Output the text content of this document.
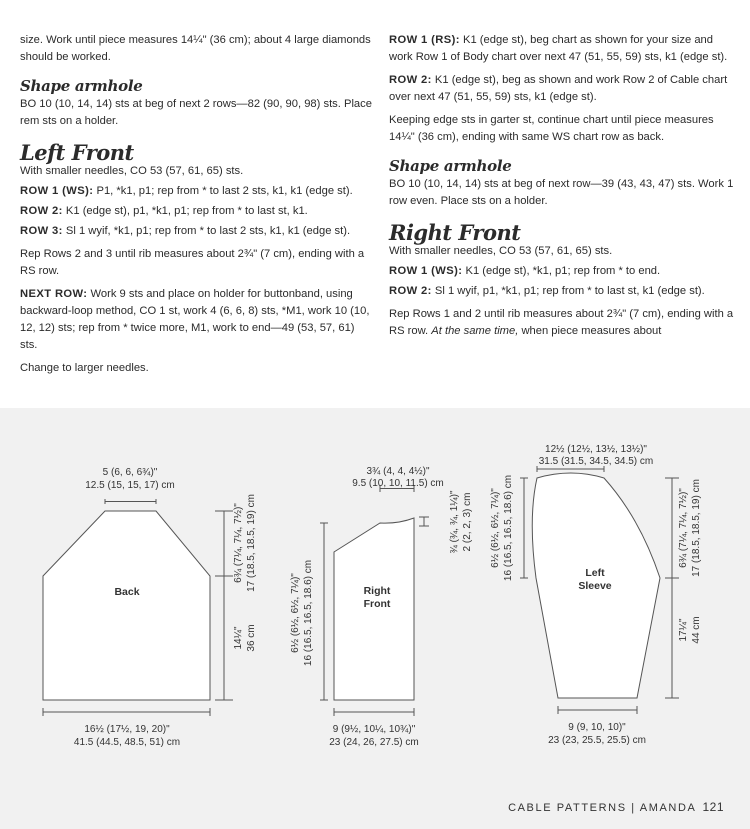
size. Work until piece measures 14¼" (36 cm); about 4 large diamonds should be worked.

Shape armhole

BO 10 (10, 14, 14) sts at beg of next 2 rows—82 (90, 90, 98) sts. Place rem sts on a holder.

Left Front

With smaller needles, CO 53 (57, 61, 65) sts.

ROW 1 (WS): P1, *k1, p1; rep from * to last 2 sts, k1, k1 (edge st).

ROW 2: K1 (edge st), p1, *k1, p1; rep from * to last st, k1.

ROW 3: Sl 1 wyif, *k1, p1; rep from * to last 2 sts, k1, k1 (edge st).

Rep Rows 2 and 3 until rib measures about 2¾" (7 cm), ending with a RS row.

NEXT ROW: Work 9 sts and place on holder for buttonband, using backward-loop method, CO 1 st, work 4 (6, 6, 8) sts, *M1, work 10 (10, 12, 12) sts; rep from * twice more, M1, work to end—49 (53, 57, 61) sts.

Change to larger needles.

ROW 1 (RS): K1 (edge st), beg chart as shown for your size and work Row 1 of Body chart over next 47 (51, 55, 59) sts, k1 (edge st).

ROW 2: K1 (edge st), beg as shown and work Row 2 of Cable chart over next 47 (51, 55, 59) sts, k1 (edge st).

Keeping edge sts in garter st, continue chart until piece measures 14¼" (36 cm), ending with same WS chart row as back.

Shape armhole

BO 10 (10, 14, 14) sts at beg of next row—39 (43, 43, 47) sts. Work 1 row even. Place sts on a holder.

Right Front

With smaller needles, CO 53 (57, 61, 65) sts.

ROW 1 (WS): K1 (edge st), *k1, p1; rep from * to end.

ROW 2: Sl 1 wyif, p1, *k1, p1; rep from * to last st, k1 (edge st).

Rep Rows 1 and 2 until rib measures about 2¾" (7 cm), ending with a RS row. At the same time, when piece measures about

5 (6, 6, 6¾)"
12.5 (15, 15, 17) cm
Back
6¾ (7¼, 7¼, 7½)" 17 (18.5, 18.5, 19) cm
14¼" 36 cm
16½ (17½, 19, 20)"
41.5 (44.5, 48.5, 51) cm
3¾ (4, 4, 4½)"
9.5 (10, 10, 11.5) cm
6½ (6½, 6½, 7¼)" 16 (16.5, 16.5, 18.6) cm
¾ (¾, ¾, 1¼)" 2 (2, 2, 3) cm
Right
Front
9 (9½, 10¼, 10¾)"
23 (24, 26, 27.5) cm
12½ (12½, 13½, 13½)"
31.5 (31.5, 34.5, 34.5) cm
6½ (6½, 6½, 7¼)" 16 (16.5, 16.5, 18.6) cm	Left
Sleeve
6¾ (7¼, 7¼, 7½)" 17 (18.5, 18.5, 19) cm
17¼" 44 cm
9 (9, 10, 10)"
23 (23, 25.5, 25.5) cm
CABLE PATTERNS | AMANDA 121
